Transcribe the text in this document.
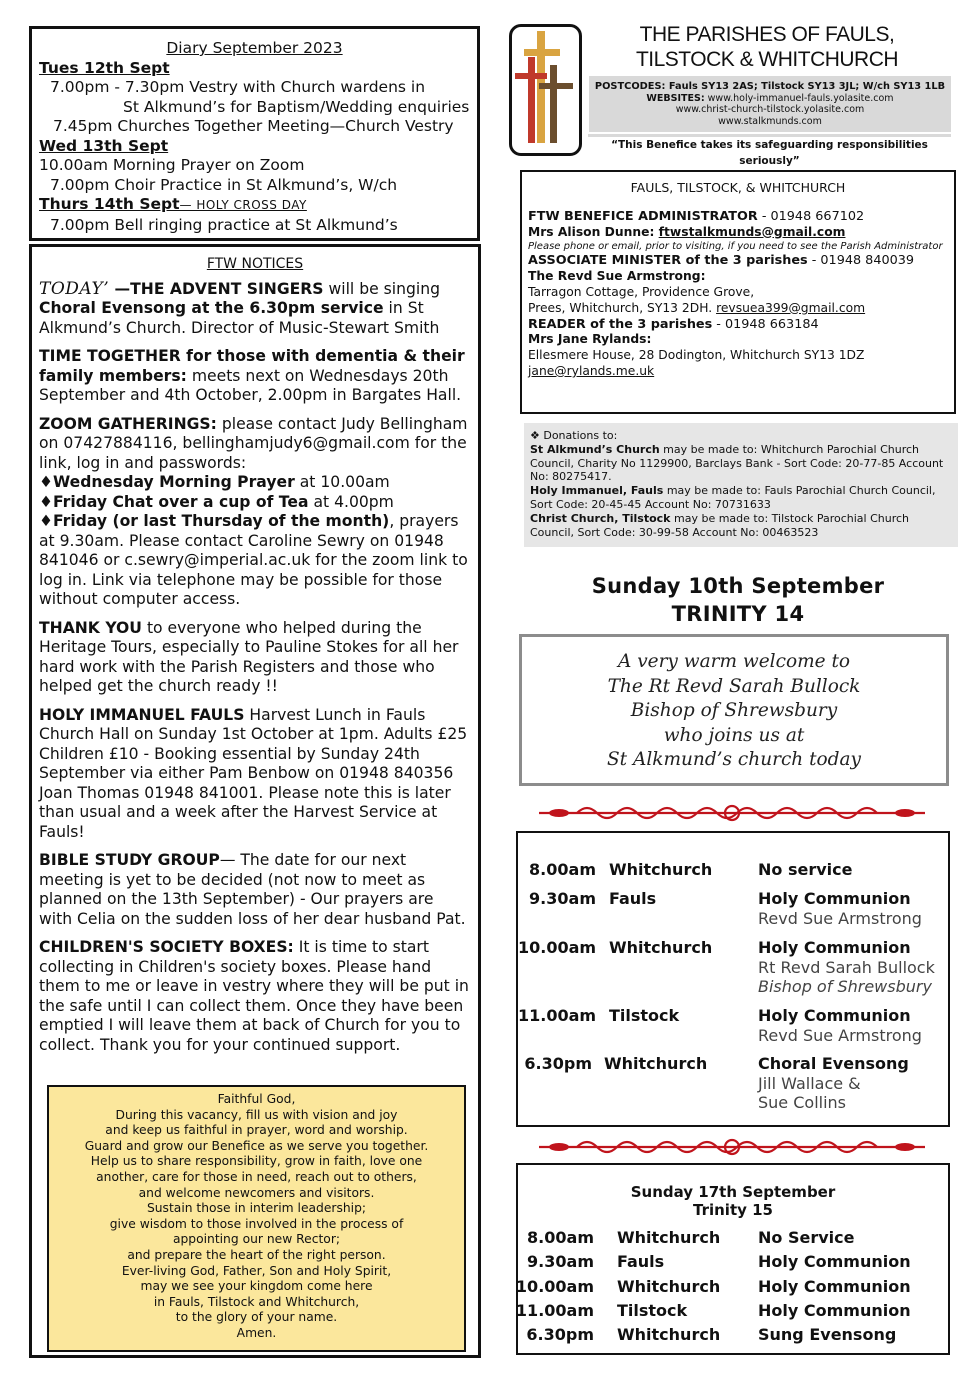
Diary September 2023

Tues 12th Sept

7.00pm - 7.30pm Vestry with Church wardens in

St Alkmund’s for Baptism/Wedding enquiries

7.45pm Churches Together Meeting—Church Vestry

Wed 13th Sept

10.00am Morning Prayer on Zoom

7.00pm Choir Practice in St Alkmund’s, W/ch

Thurs 14th Sept— HOLY CROSS DAY

7.00pm Bell ringing practice at St Alkmund’s

FTW NOTICES

TODAY’ —THE ADVENT SINGERS will be singing Choral Evensong at the 6.30pm service in St Alkmund’s Church. Director of Music-Stewart Smith

TIME TOGETHER for those with dementia & their family members: meets next on Wednesdays 20th September and 4th October, 2.00pm in Bargates Hall.

ZOOM GATHERINGS: please contact Judy Bellingham on 07427884116, bellinghamjudy6@gmail.com for the link, log in and passwords:
♦Wednesday Morning Prayer at 10.00am
♦Friday Chat over a cup of Tea at 4.00pm
♦Friday (or last Thursday of the month), prayers at 9.30am. Please contact Caroline Sewry on 01948 841046 or c.sewry@imperial.ac.uk for the zoom link to log in. Link via telephone may be possible for those without computer access.

THANK YOU to everyone who helped during the Heritage Tours, especially to Pauline Stokes for all her hard work with the Parish Registers and those who helped get the church ready !!

HOLY IMMANUEL FAULS Harvest Lunch in Fauls Church Hall on Sunday 1st October at 1pm. Adults £25 Children £10 - Booking essential by Sunday 24th September via either Pam Benbow on 01948 840356 Joan Thomas 01948 841001. Please note this is later than usual and a week after the Harvest Service at Fauls!

BIBLE STUDY GROUP— The date for our next meeting is yet to be decided (not now to meet as planned on the 13th September) - Our prayers are with Celia on the sudden loss of her dear husband Pat.

CHILDREN'S SOCIETY BOXES: It is time to start collecting in Children's society boxes. Please hand them to me or leave in vestry where they will be put in the safe until I can collect them. Once they have been emptied I will leave them at back of Church for you to collect. Thank you for your continued support.

Faithful God,

During this vacancy, fill us with vision and joy

and keep us faithful in prayer, word and worship.

Guard and grow our Benefice as we serve you together.

Help us to share responsibility, grow in faith, love one

another, care for those in need, reach out to others,

and welcome newcomers and visitors.

Sustain those in interim leadership;

give wisdom to those involved in the process of

appointing our new Rector;

and prepare the heart of the right person.

Ever-living God, Father, Son and Holy Spirit,

may we see your kingdom come here

in Fauls, Tilstock and Whitchurch,

to the glory of your name.

Amen.

THE PARISHES OF FAULS,

TILSTOCK & WHITCHURCH

POSTCODES: Fauls SY13 2AS; Tilstock SY13 3JL; W/ch SY13 1LB

WEBSITES: www.holy-immanuel-fauls.yolasite.com

www.christ-church-tilstock.yolasite.com

www.stalkmunds.com

“This Benefice takes its safeguarding responsibilities seriously”

FAULS, TILSTOCK, & WHITCHURCH

FTW BENEFICE ADMINISTRATOR - 01948 667102

Mrs Alison Dunne: ftwstalkmunds@gmail.com

Please phone or email, prior to visiting, if you need to see the Parish Administrator

ASSOCIATE MINISTER of the 3 parishes - 01948 840039

The Revd Sue Armstrong:

Tarragon Cottage, Providence Grove,

Prees, Whitchurch, SY13 2DH. revsuea399@gmail.com

READER of the 3 parishes - 01948 663184

Mrs Jane Rylands:

Ellesmere House, 28 Dodington, Whitchurch SY13 1DZ

jane@rylands.me.uk

❖ Donations to:

St Alkmund’s Church may be made to: Whitchurch Parochial Church Council, Charity No 1129900, Barclays Bank - Sort Code: 20-77-85 Account No: 80275417.

Holy Immanuel, Fauls may be made to: Fauls Parochial Church Council, Sort Code: 20-45-45 Account No: 70731633

Christ Church, Tilstock may be made to: Tilstock Parochial Church Council, Sort Code: 30-99-58 Account No: 00463523

Sunday 10th September

TRINITY 14

A very warm welcome to

The Rt Revd Sarah Bullock

Bishop of Shrewsbury

who joins us at

St Alkmund’s church today

8.00am Whitchurch	No service

9.30am Fauls	Holy Communion

Revd Sue Armstrong

10.00am Whitchurch	Holy Communion

Rt Revd Sarah Bullock

Bishop of Shrewsbury

11.00am Tilstock	Holy Communion

Revd Sue Armstrong

6.30pm Whitchurch	Choral Evensong

Jill Wallace &

Sue Collins

Sunday 17th September

Trinity 15

8.00am Whitchurch No Service
9.30am Fauls	Holy Communion
10.00am Whitchurch Holy Communion
11.00am Tilstock	Holy Communion
6.30pm Whitchurch Sung Evensong
